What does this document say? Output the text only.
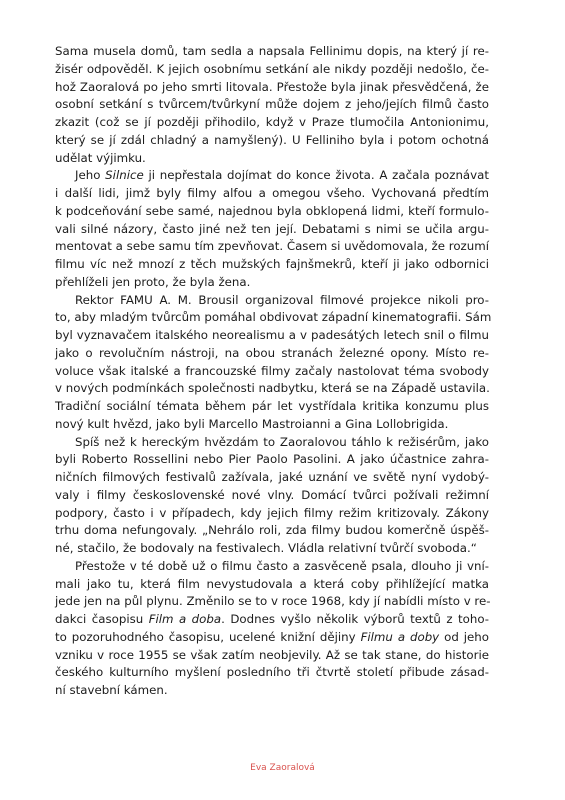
Sama musela domů, tam sedla a napsala Fellinimu dopis, na který jí re-
žisér odpověděl. K jejich osobnímu setkání ale nikdy později nedošlo, če-
hož Zaoralová po jeho smrti litovala. Přestože byla jinak přesvědčená, že
osobní setkání s tvůrcem/tvůrkyní může dojem z jeho/jejích filmů často
zkazit (což se jí později přihodilo, když v Praze tlumočila Antonionimu,
který se jí zdál chladný a namyšlený). U Felliniho byla i potom ochotná
udělat výjimku.
Jeho Silnice ji nepřestala dojímat do konce života. A začala poznávat
i další lidi, jimž byly filmy alfou a omegou všeho. Vychovaná předtím
k podceňování sebe samé, najednou byla obklopená lidmi, kteří formulo-
vali silné názory, často jiné než ten její. Debatami s nimi se učila argu-
mentovat a sebe samu tím zpevňovat. Časem si uvědomovala, že rozumí
filmu víc než mnozí z těch mužských fajnšmekrů, kteří ji jako odbornici
přehlíželi jen proto, že byla žena.
Rektor FAMU A. M. Brousil organizoval filmové projekce nikoli pro-
to, aby mladým tvůrcům pomáhal obdivovat západní kinematografii. Sám
byl vyznavačem italského neorealismu a v padesátých letech snil o filmu
jako o revolučním nástroji, na obou stranách železné opony. Místo re-
voluce však italské a francouzské filmy začaly nastolovat téma svobody
v nových podmínkách společnosti nadbytku, která se na Západě ustavila.
Tradiční sociální témata během pár let vystřídala kritika konzumu plus
nový kult hvězd, jako byli Marcello Mastroianni a Gina Lollobrigida.
Spíš než k hereckým hvězdám to Zaoralovou táhlo k režisérům, jako
byli Roberto Rossellini nebo Pier Paolo Pasolini. A jako účastnice zahra-
ničních filmových festivalů zažívala, jaké uznání ve světě nyní vydobý-
valy i filmy československé nové vlny. Domácí tvůrci požívali režimní
podpory, často i v případech, kdy jejich filmy režim kritizovaly. Zákony
trhu doma nefungovaly. „Nehrálo roli, zda filmy budou komerčně úspěš-
né, stačilo, že bodovaly na festivalech. Vládla relativní tvůrčí svoboda.“
Přestože v té době už o filmu často a zasvěceně psala, dlouho ji vní-
mali jako tu, která film nevystudovala a která coby přihlížející matka
jede jen na půl plynu. Změnilo se to v roce 1968, kdy jí nabídli místo v re-
dakci časopisu Film a doba. Dodnes vyšlo několik výborů textů z toho-
to pozoruhodného časopisu, ucelené knižní dějiny Filmu a doby od jeho
vzniku v roce 1955 se však zatím neobjevily. Až se tak stane, do historie
českého kulturního myšlení posledního tři čtvrtě století přibude zásad-
ní stavební kámen.
Eva Zaoralová
